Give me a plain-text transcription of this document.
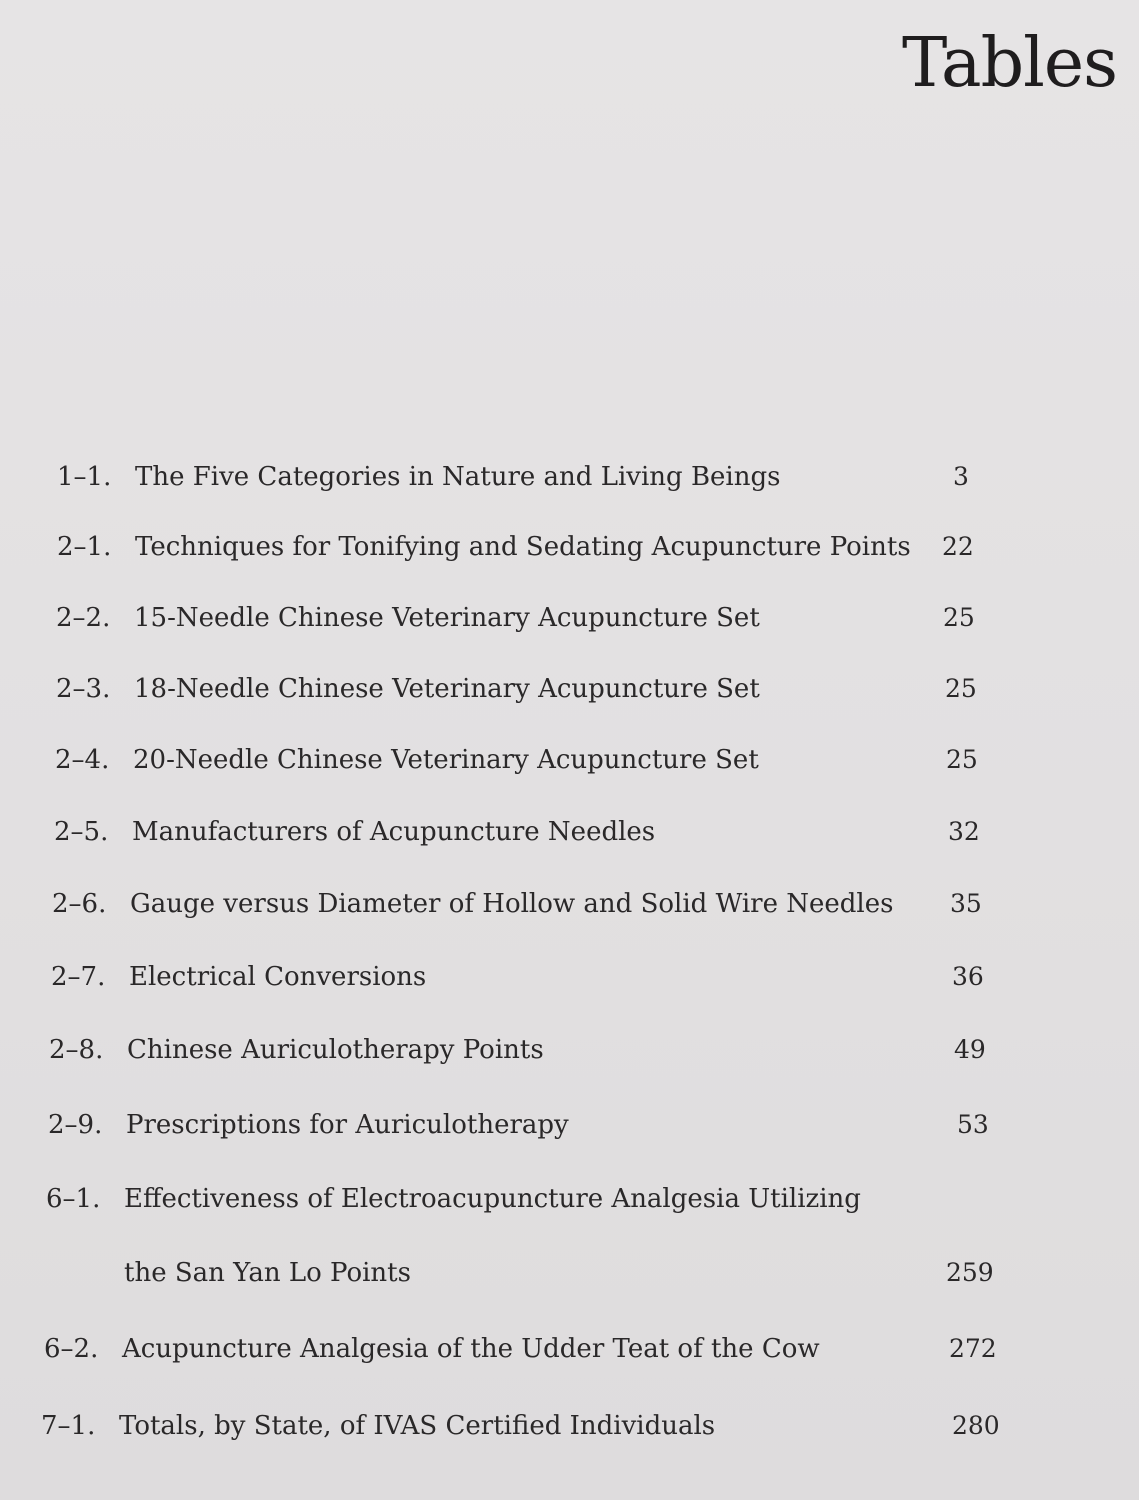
Tables
1–1. The Five Categories in Nature and Living Beings	3
2–1. Techniques for Tonifying and Sedating Acupuncture Points 22
2–2. 15-Needle Chinese Veterinary Acupuncture Set	25
2–3. 18-Needle Chinese Veterinary Acupuncture Set	25
2–4. 20-Needle Chinese Veterinary Acupuncture Set	25
2–5. Manufacturers of Acupuncture Needles	32
2–6. Gauge versus Diameter of Hollow and Solid Wire Needles 35
2–7. Electrical Conversions	36
2–8. Chinese Auriculotherapy Points	49
2–9. Prescriptions for Auriculotherapy	53
6–1. Effectiveness of Electroacupuncture Analgesia Utilizing
the San Yan Lo Points	259
6–2. Acupuncture Analgesia of the Udder Teat of the Cow	272
7–1. Totals, by State, of IVAS Certified Individuals	280
